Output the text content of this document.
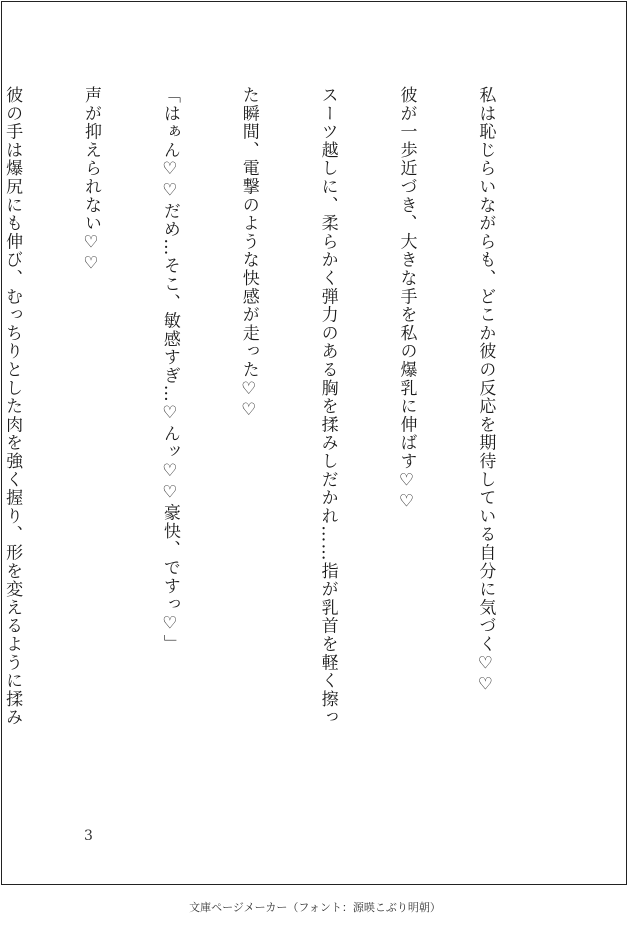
私は恥じらいながらも、どこか彼の反応を期待している自分に気づく♡♡

彼が一歩近づき、大きな手を私の爆乳に伸ばす♡♡

スーツ越しに、柔らかく弾力のある胸を揉みしだかれ……指が乳首を軽く擦っ

た瞬間、電撃のような快感が走った♡♡

「はぁん♡♡だめ…そこ、敏感すぎ…♡んッ♡♡豪快、ですっ♡」

声が抑えられない♡♡

彼の手は爆尻にも伸び、むっちりとした肉を強く握り、形を変えるように揉み

3
文庫ページメーカー（フォント：源暎こぶり明朝）
